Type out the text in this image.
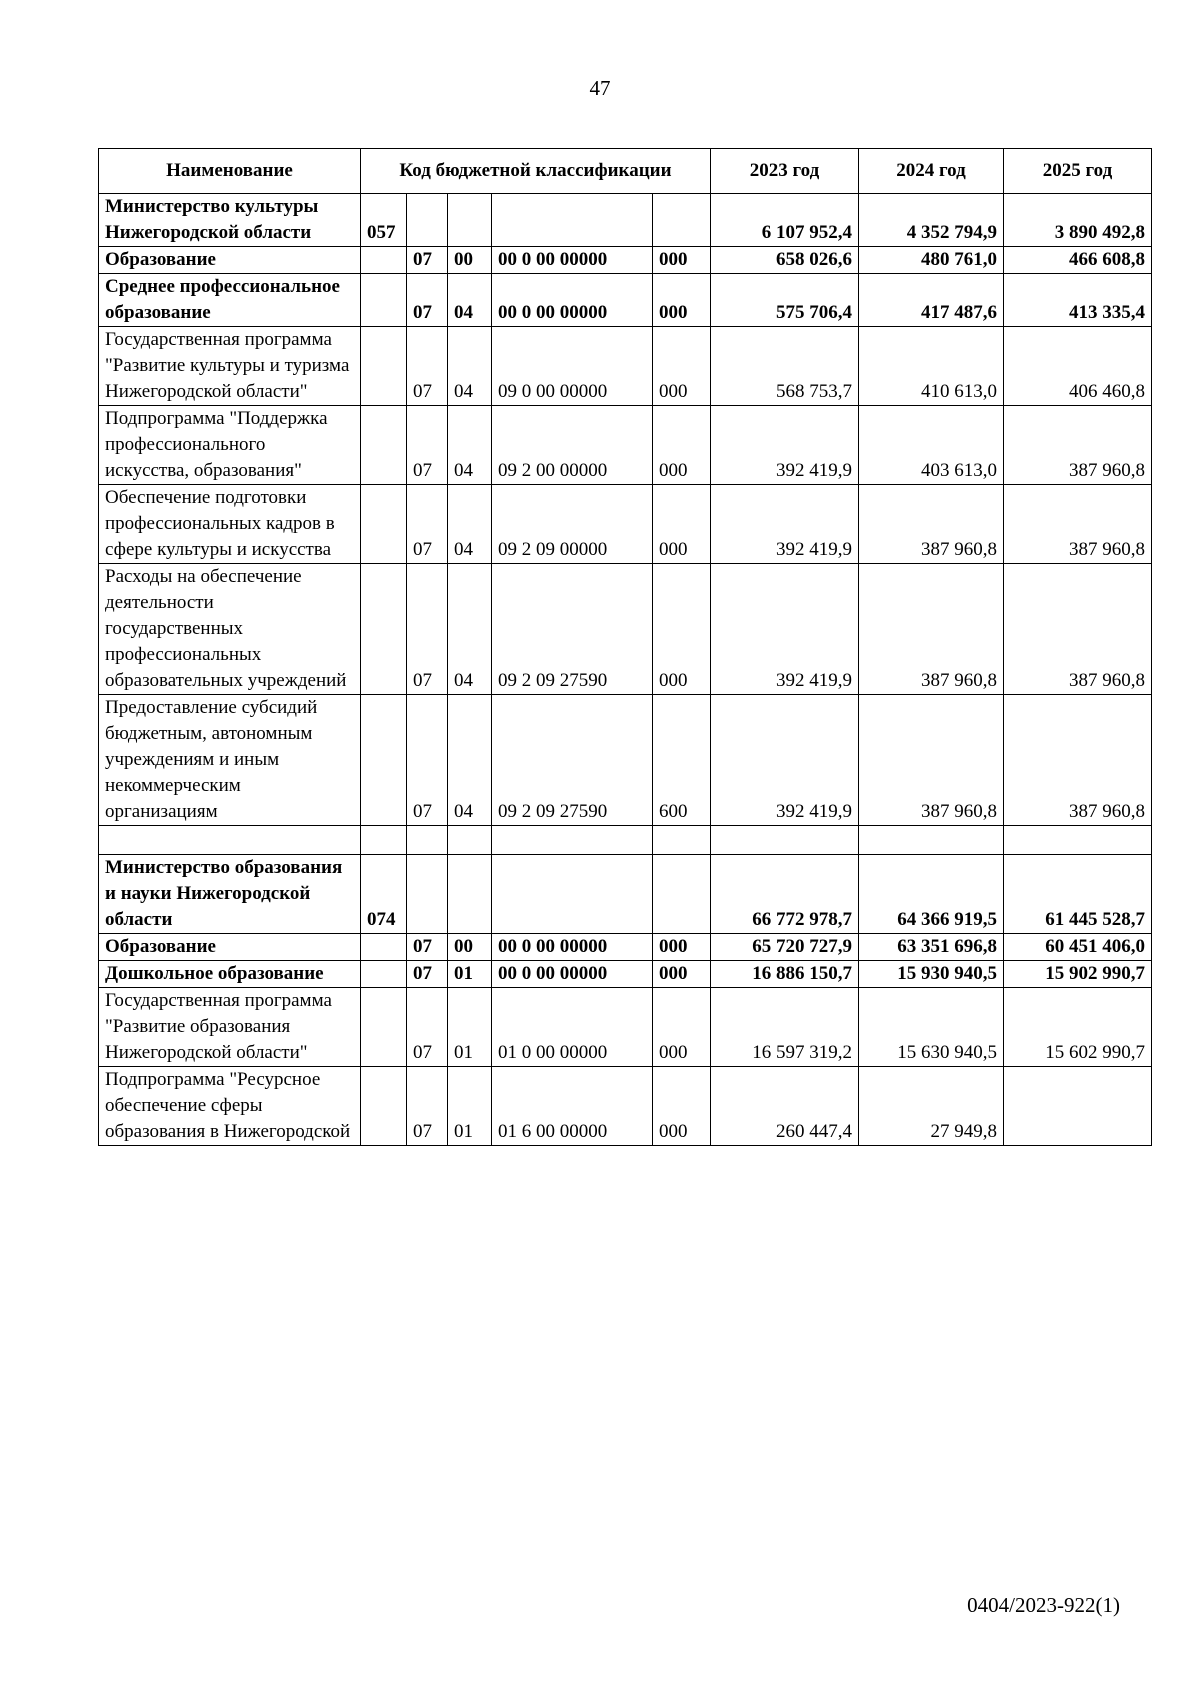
47
Наименование	Код бюджетной классификации					2023 год	2024 год	2025 год
Министерство культуры Нижегородской области	057					6 107 952,4	4 352 794,9	3 890 492,8
Образование		07	00	00 0 00 00000	000	658 026,6	480 761,0	466 608,8
Среднее профессиональное образование		07	04	00 0 00 00000	000	575 706,4	417 487,6	413 335,4
Государственная программа "Развитие культуры и туризма Нижегородской области"		07	04	09 0 00 00000	000	568 753,7	410 613,0	406 460,8
Подпрограмма "Поддержка профессионального искусства, образования"		07	04	09 2 00 00000	000	392 419,9	403 613,0	387 960,8
Обеспечение подготовки профессиональных кадров в сфере культуры и искусства		07	04	09 2 09 00000	000	392 419,9	387 960,8	387 960,8
Расходы на обеспечение деятельности государственных профессиональных образовательных учреждений		07	04	09 2 09 27590	000	392 419,9	387 960,8	387 960,8
Предоставление субсидий бюджетным, автономным учреждениям и иным некоммерческим организациям		07	04	09 2 09 27590	600	392 419,9	387 960,8	387 960,8

Министерство образования и науки Нижегородской области	074					66 772 978,7	64 366 919,5	61 445 528,7
Образование		07	00	00 0 00 00000	000	65 720 727,9	63 351 696,8	60 451 406,0
Дошкольное образование		07	01	00 0 00 00000	000	16 886 150,7	15 930 940,5	15 902 990,7
Государственная программа "Развитие образования Нижегородской области"		07	01	01 0 00 00000	000	16 597 319,2	15 630 940,5	15 602 990,7
Подпрограмма "Ресурсное обеспечение сферы образования в Нижегородской		07	01	01 6 00 00000	000	260 447,4	27 949,8	
0404/2023-922(1)
